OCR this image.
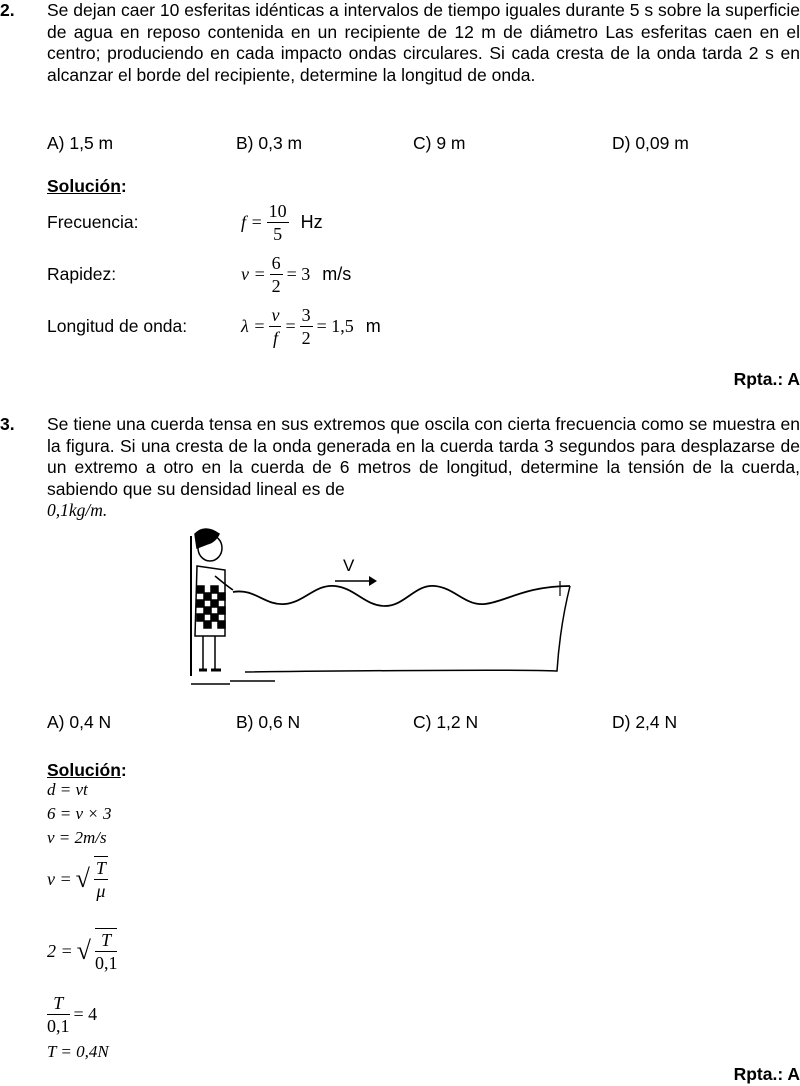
2. Se dejan caer 10 esferitas idénticas a intervalos de tiempo iguales durante 5 s sobre la superficie de agua en reposo contenida en un recipiente de 12 m de diámetro Las esferitas caen en el centro; produciendo en cada impacto ondas circulares. Si cada cresta de la onda tarda 2 s en alcanzar el borde del recipiente, determine la longitud de onda.
A) 1,5 m	B) 0,3 m	C) 9 m	D) 0,09 m
Solución:
Frecuencia:	$f = \frac{10}{5}$ Hz
Rapidez:	$v = \frac{6}{2} = 3$ m/s
Longitud de onda:	$\lambda = \frac{v}{f} = \frac{3}{2} = 1,5$ m
Rpta.: A
3. Se tiene una cuerda tensa en sus extremos que oscila con cierta frecuencia como se muestra en la figura. Si una cresta de la onda generada en la cuerda tarda 3 segundos para desplazarse de un extremo a otro en la cuerda de 6 metros de longitud, determine la tensión de la cuerda, sabiendo que su densidad lineal es de
0,1kg/m.
V
A) 0,4 N	B) 0,6 N	C) 1,2 N	D) 2,4 N
Solución:
d = vt
6 = v × 3
v = 2m/s
v = √ $\frac{T}{\mu}$
2 = √ $\frac{T}{0,1}$
$\frac{T}{0,1} = 4$
T = 0,4N
Rpta.: A
